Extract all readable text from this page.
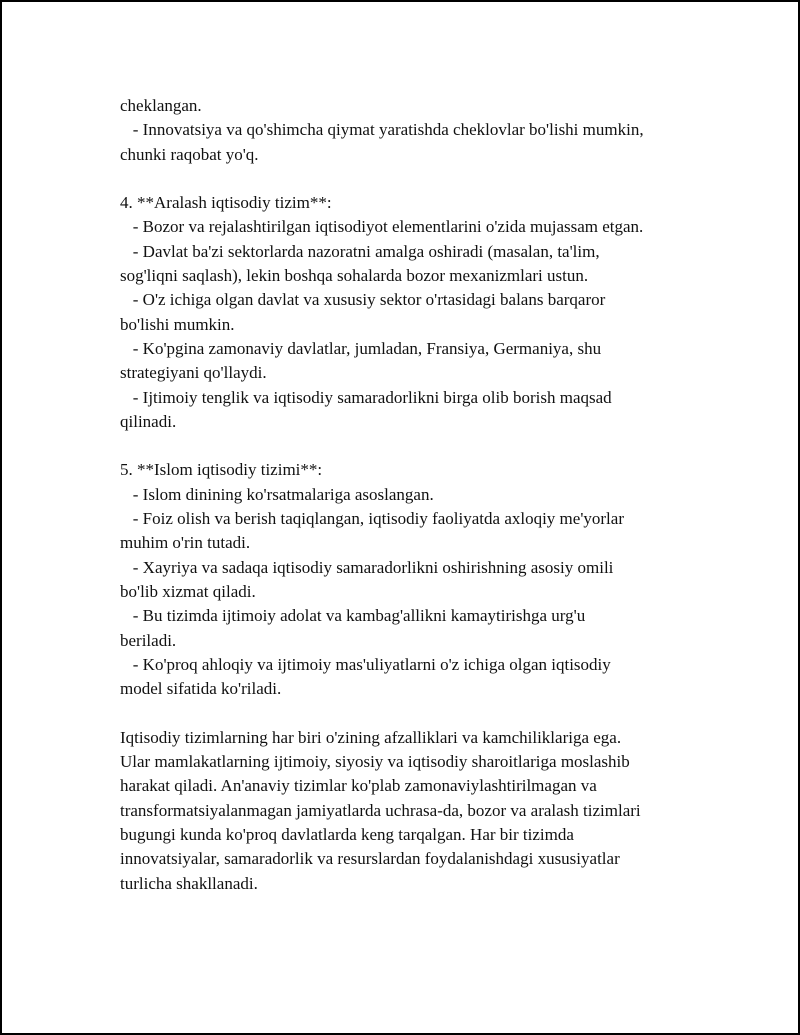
cheklangan.
- Innovatsiya va qo'shimcha qiymat yaratishda cheklovlar bo'lishi mumkin,
chunki raqobat yo'q.
4. **Aralash iqtisodiy tizim**:
- Bozor va rejalashtirilgan iqtisodiyot elementlarini o'zida mujassam etgan.
- Davlat ba'zi sektorlarda nazoratni amalga oshiradi (masalan, ta'lim,
sog'liqni saqlash), lekin boshqa sohalarda bozor mexanizmlari ustun.
- O'z ichiga olgan davlat va xususiy sektor o'rtasidagi balans barqaror
bo'lishi mumkin.
- Ko'pgina zamonaviy davlatlar, jumladan, Fransiya, Germaniya, shu
strategiyani qo'llaydi.
- Ijtimoiy tenglik va iqtisodiy samaradorlikni birga olib borish maqsad
qilinadi.
5. **Islom iqtisodiy tizimi**:
- Islom dinining ko'rsatmalariga asoslangan.
- Foiz olish va berish taqiqlangan, iqtisodiy faoliyatda axloqiy me'yorlar
muhim o'rin tutadi.
- Xayriya va sadaqa iqtisodiy samaradorlikni oshirishning asosiy omili
bo'lib xizmat qiladi.
- Bu tizimda ijtimoiy adolat va kambag'allikni kamaytirishga urg'u
beriladi.
- Ko'proq ahloqiy va ijtimoiy mas'uliyatlarni o'z ichiga olgan iqtisodiy
model sifatida ko'riladi.
Iqtisodiy tizimlarning har biri o'zining afzalliklari va kamchiliklariga ega.
Ular mamlakatlarning ijtimoiy, siyosiy va iqtisodiy sharoitlariga moslashib
harakat qiladi. An'anaviy tizimlar ko'plab zamonaviylashtirilmagan va
transformatsiyalanmagan jamiyatlarda uchrasa-da, bozor va aralash tizimlari
bugungi kunda ko'proq davlatlarda keng tarqalgan. Har bir tizimda
innovatsiyalar, samaradorlik va resurslardan foydalanishdagi xususiyatlar
turlicha shakllanadi.
